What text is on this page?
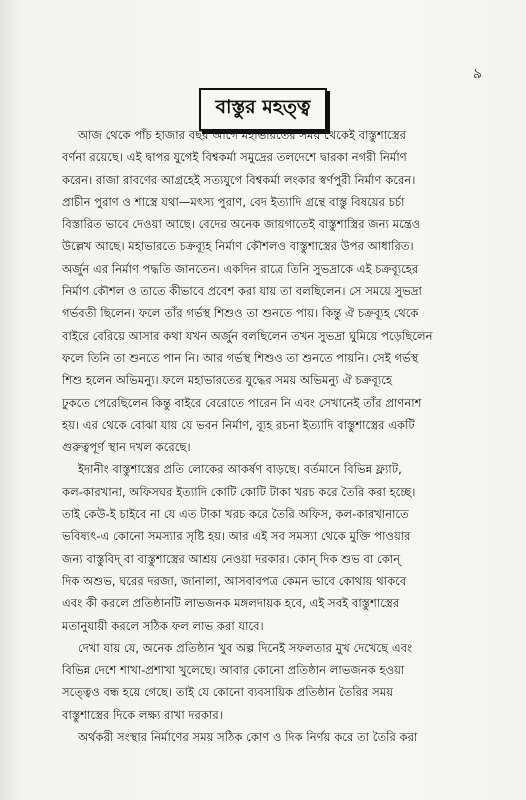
৯
বাস্তুর মহত্ত্ব
আজ থেকে পাঁচ হাজার বছর আগে মহাভারতের সময় থেকেই বাস্তুশাস্ত্রের
বর্ণনা রয়েছে। এই দ্বাপর যুগেই বিশ্বকর্মা সমুদ্রের তলদেশে দ্বারকা নগরী নির্মাণ
করেন। রাজা রাবণের আগ্রহেই সত্যযুগে বিশ্বকর্মা লংকার স্বর্ণপুরী নির্মাণ করেন।
প্রাচীন পুরাণ ও শাস্ত্রে যথা—মৎস্য পুরাণ, বেদ ইত্যাদি গ্রন্থে বাস্তু বিষয়ের চর্চা
বিস্তারিত ভাবে দেওয়া আছে। বেদের অনেক জায়গাতেই বাস্তুশাস্ত্রির জন্য মন্ত্রেও
উল্লেখ আছে। মহাভারতে চক্রব্যূহ নির্মাণ কৌশলও বাস্তুশাস্ত্রের উপর আধারিত।
অর্জুন এর নির্মাণ পদ্ধতি জানতেন। একদিন রাত্রে তিনি সুভদ্রাকে এই চক্রব্যূহের
নির্মাণ কৌশল ও তাতে কীভাবে প্রবেশ করা যায় তা বলছিলেন। সে সময়ে সুভদ্রা
গর্ভবতী ছিলেন। ফলে তাঁর গর্ভস্থ শিশুও তা শুনতে পায়। কিন্তু ঐ চক্রব্যূহ থেকে
বাইরে বেরিয়ে আসার কথা যখন অর্জুন বলছিলেন তখন সুভদ্রা ঘুমিয়ে পড়েছিলেন
ফলে তিনি তা শুনতে পান নি। আর গর্ভস্থ শিশুও তা শুনতে পায়নি। সেই গর্ভস্থ
শিশু হলেন অভিমন্যু। ফলে মহাভারতের যুদ্ধের সময় অভিমন্যু ঐ চক্রব্যূহে
ঢুকতে পেরেছিলেন কিন্তু বাইরে বেরোতে পারেন নি এবং সেখানেই তাঁর প্রাণনাশ
হয়। এর থেকে বোঝা যায় যে ভবন নির্মাণ, ব্যূহ রচনা ইত্যাদি বাস্তুশাস্ত্রের একটি
গুরুত্বপূর্ণ স্থান দখল করেছে।
ইদানীং বাস্তুশাস্ত্রের প্রতি লোকের আকর্ষণ বাড়ছে। বর্তমানে বিভিন্ন ফ্ল্যাট,
কল-কারখানা, অফিসঘর ইত্যাদি কোটি কোটি টাকা খরচ করে তৈরি করা হচ্ছে।
তাই কেউ-ই চাইবে না যে এত টাকা খরচ করে তৈরি অফিস, কল-কারখানাতে
ভবিষ্যৎ-এ কোনো সমস্যার সৃষ্টি হয়। আর এই সব সমস্যা থেকে মুক্তি পাওয়ার
জন্য বাস্তুবিদ্ বা বাস্তুশাস্ত্রের আশ্রয় নেওয়া দরকার। কোন্ দিক শুভ বা কোন্
দিক অশুভ, ঘরের দরজা, জানালা, আসবাবপত্র কেমন ভাবে কোথায় থাকবে
এবং কী করলে প্রতিষ্ঠানটি লাভজনক মঙ্গলদায়ক হবে, এই সবই বাস্তুশাস্ত্রের
মতানুযায়ী করলে সঠিক ফল লাভ করা যাবে।
দেখা যায় যে, অনেক প্রতিষ্ঠান খুব অল্প দিনেই সফলতার মুখ দেখেছে এবং
বিভিন্ন দেশে শাখা-প্রশাখা খুলেছে। আবার কোনো প্রতিষ্ঠান লাভজনক হওয়া
সত্ত্বেও বন্ধ হয়ে গেছে। তাই যে কোনো ব্যবসায়িক প্রতিষ্ঠান তৈরির সময়
বাস্তুশাস্ত্রের দিকে লক্ষ্য রাখা দরকার।
অর্থকরী সংস্থার নির্মাণের সময় সঠিক কোণ ও দিক নির্ণয় করে তা তৈরি করা
